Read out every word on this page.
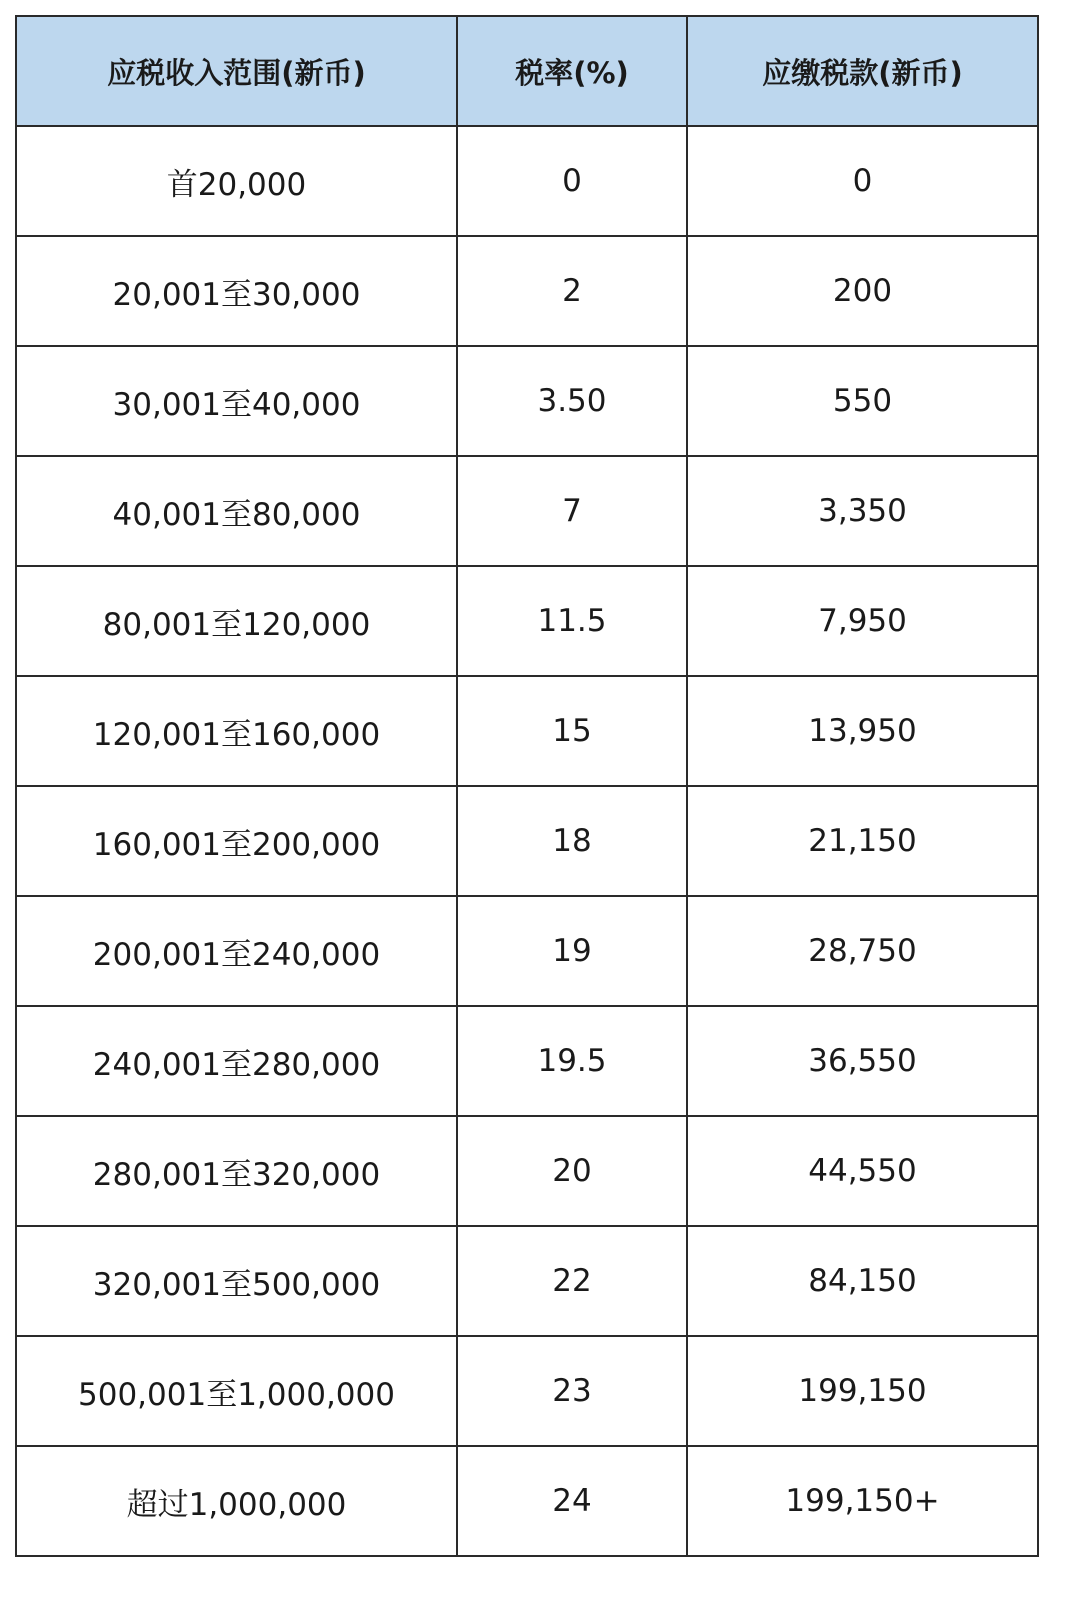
应税收入范围(新币)	税率(%)	应缴税款(新币)
首20,000	0	0
20,001至30,000	2	200
30,001至40,000	3.50	550
40,001至80,000	7	3,350
80,001至120,000	11.5	7,950
120,001至160,000	15	13,950
160,001至200,000	18	21,150
200,001至240,000	19	28,750
240,001至280,000	19.5	36,550
280,001至320,000	20	44,550
320,001至500,000	22	84,150
500,001至1,000,000	23	199,150
超过1,000,000	24	199,150+
